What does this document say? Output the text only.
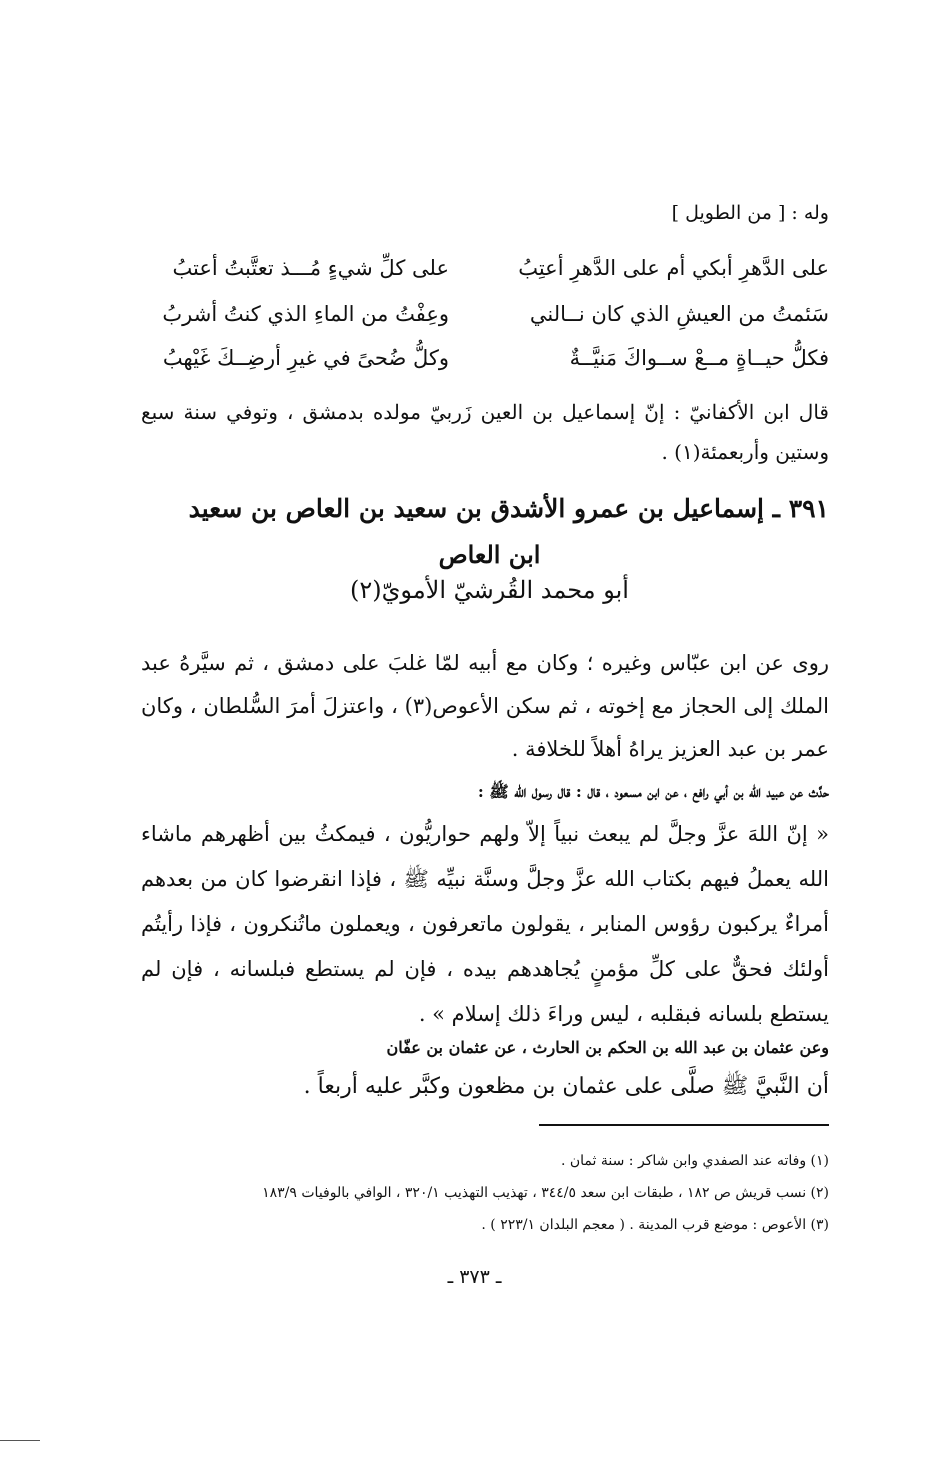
وله : [ من الطويل ]
على الدَّهرِ أبكي أم على الدَّهرِ أعتِبُ
على كلِّ شيءٍ مُـــذ تعتَّبتُ أعتبُ
سَئمتُ من العيشِ الذي كان نــالني
وعِفْتُ من الماءِ الذي كنتُ أشربُ
فكلُّ حيــاةٍ مــعْ ســواكَ مَنيَّــةٌ
وكلُّ ضُحىً في غيرِ أرضِــكَ غَيْهبُ
قال ابن الأكفانيّ : إنّ إسماعيل بن العين زَربيّ مولده بدمشق ، وتوفي سنة سبع وستين وأربعمئة(١) .
٣٩١ ـ إسماعيل بن عمرو الأشدق بن سعيد بن العاص بن سعيد
ابن العاص
أبو محمد القُرشيّ الأمويّ(٢)
روى عن ابن عبّاس وغيره ؛ وكان مع أبيه لمّا غلبَ على دمشق ، ثم سيَّرهُ عبد الملك إلى الحجاز مع إخوته ، ثم سكن الأعوص(٣) ، واعتزلَ أمرَ السُّلطان ، وكان عمر بن عبد العزيز يراهُ أهلاً للخلافة .
حدَّث عن عبيد الله بن أبي رافع ، عن ابن مسعود ، قال : قال رسول الله ﷺ :
« إنّ اللهَ عزَّ وجلَّ لم يبعث نبياً إلاّ ولهم حواريُّون ، فيمكثُ بين أظهرهم ماشاء الله يعملُ فيهم بكتاب الله عزَّ وجلَّ وسنَّة نبيِّه ﷺ ، فإذا انقرضوا كان من بعدهم أمراءٌ يركبون رؤوس المنابر ، يقولون ماتعرفون ، ويعملون ماتُنكرون ، فإذا رأيتُم أولئك فحقٌّ على كلِّ مؤمنٍ يُجاهدهم بيده ، فإن لم يستطع فبلسانه ، فإن لم يستطع بلسانه فبقلبه ، ليس وراءَ ذلك إسلام » .
وعن عثمان بن عبد الله بن الحكم بن الحارث ، عن عثمان بن عفّان
أن النَّبيَّ ﷺ صلَّى على عثمان بن مظعون وكبَّر عليه أربعاً .
(١) وفاته عند الصفدي وابن شاكر : سنة ثمان .
(٢) نسب قريش ص ١٨٢ ، طبقات ابن سعد ٣٤٤/٥ ، تهذيب التهذيب ٣٢٠/١ ، الوافي بالوفيات ١٨٣/٩
(٣) الأعوص : موضع قرب المدينة . ( معجم البلدان ٢٢٣/١ ) .
ـ ٣٧٣ ـ
